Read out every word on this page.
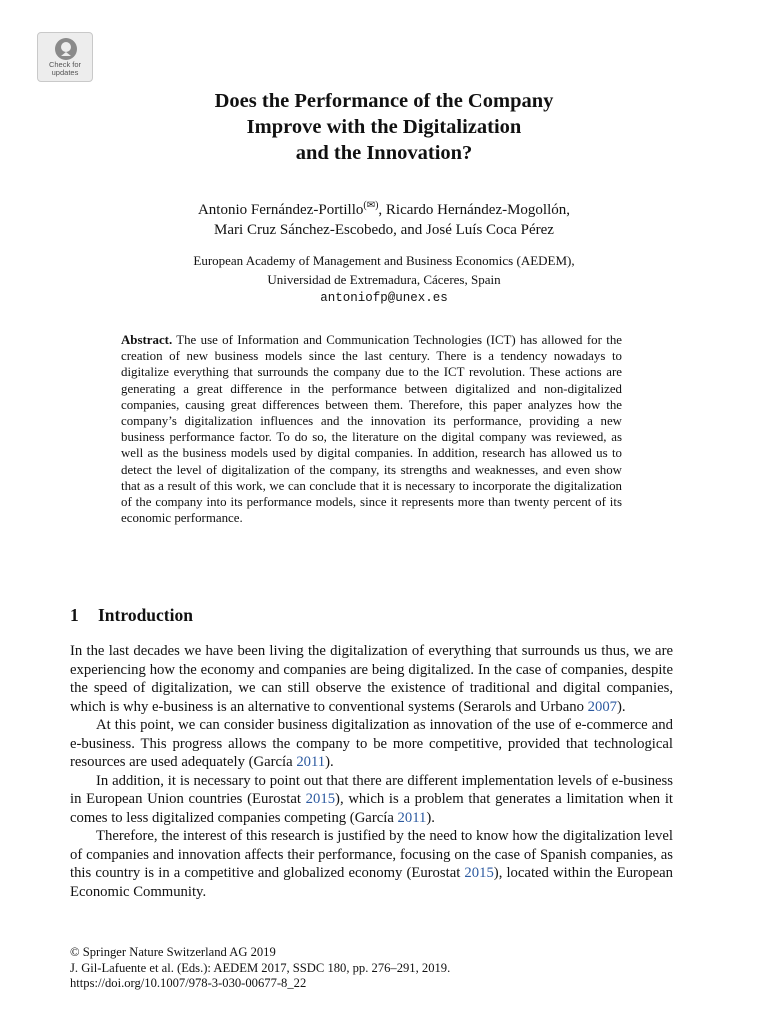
Check for
updates
Does the Performance of the Company
Improve with the Digitalization
and the Innovation?
Antonio Fernández-Portillo(✉), Ricardo Hernández-Mogollón,
Mari Cruz Sánchez-Escobedo, and José Luís Coca Pérez
European Academy of Management and Business Economics (AEDEM),
Universidad de Extremadura, Cáceres, Spain
antoniofp@unex.es

Abstract. The use of Information and Communication Technologies (ICT) has allowed for the creation of new business models since the last century. There is a tendency nowadays to digitalize everything that surrounds the company due to the ICT revolution. These actions are generating a great difference in the performance between digitalized and non-digitalized companies, causing great differences between them. Therefore, this paper analyzes how the company’s digitalization influences and the innovation its performance, providing a new business performance factor. To do so, the literature on the digital company was reviewed, as well as the business models used by digital companies. In addition, research has allowed us to detect the level of digitalization of the company, its strengths and weaknesses, and even show that as a result of this work, we can conclude that it is necessary to incorporate the digitalization of the company into its performance models, since it represents more than twenty percent of its economic performance.

1 Introduction

In the last decades we have been living the digitalization of everything that surrounds us thus, we are experiencing how the economy and companies are being digitalized. In the case of companies, despite the speed of digitalization, we can still observe the existence of traditional and digital companies, which is why e-business is an alternative to conventional systems (Serarols and Urbano 2007).

At this point, we can consider business digitalization as innovation of the use of e-commerce and e-business. This progress allows the company to be more competitive, provided that technological resources are used adequately (García 2011).

In addition, it is necessary to point out that there are different implementation levels of e-business in European Union countries (Eurostat 2015), which is a problem that generates a limitation when it comes to less digitalized companies competing (García 2011).

Therefore, the interest of this research is justified by the need to know how the digitalization level of companies and innovation affects their performance, focusing on the case of Spanish companies, as this country is in a competitive and globalized economy (Eurostat 2015), located within the European Economic Community.

© Springer Nature Switzerland AG 2019
J. Gil-Lafuente et al. (Eds.): AEDEM 2017, SSDC 180, pp. 276–291, 2019.
https://doi.org/10.1007/978-3-030-00677-8_22
